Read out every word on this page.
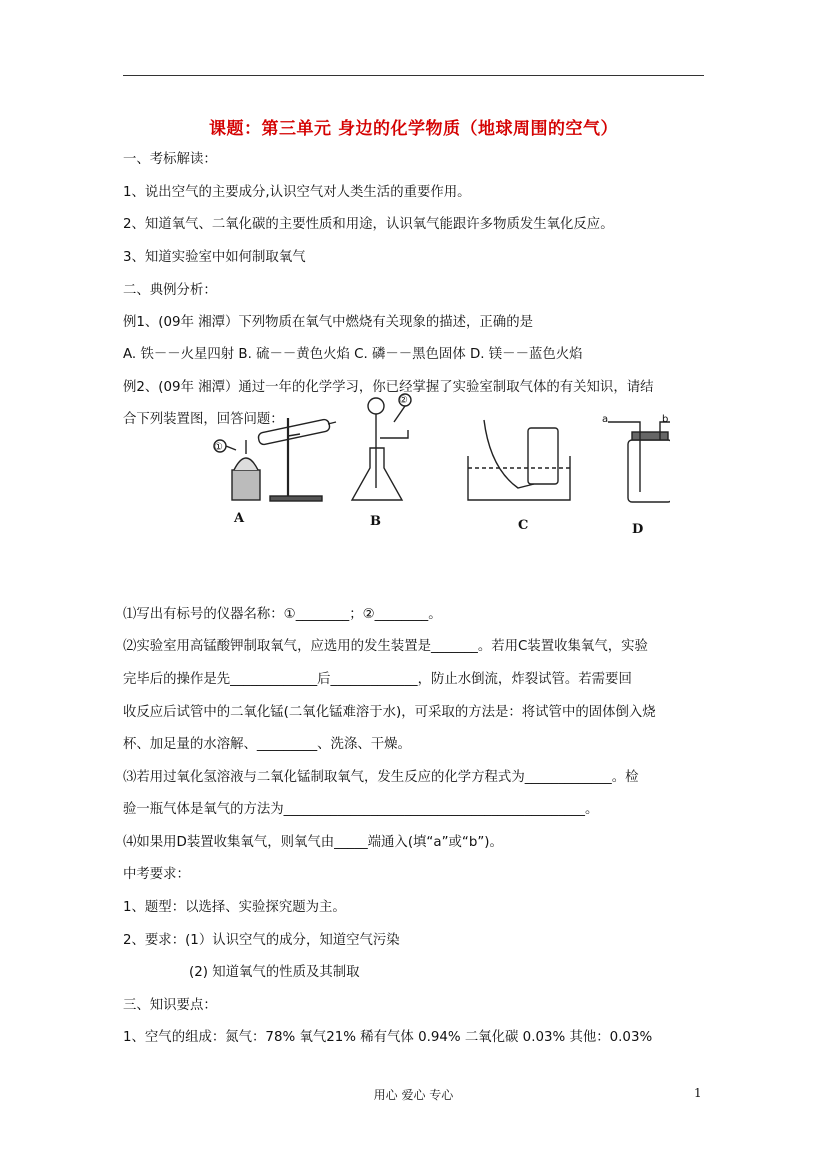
课题：第三单元 身边的化学物质（地球周围的空气）
一、考标解读：
1、说出空气的主要成分,认识空气对人类生活的重要作用。
2、知道氧气、二氧化碳的主要性质和用途，认识氧气能跟许多物质发生氧化反应。
3、知道实验室中如何制取氧气
二、典例分析：
例1、(09年 湘潭）下列物质在氧气中燃烧有关现象的描述，正确的是
A. 铁－－火星四射 B. 硫－－黄色火焰 C. 磷－－黑色固体 D. 镁－－蓝色火焰
例2、(09年 湘潭）通过一年的化学学习，你已经掌握了实验室制取气体的有关知识，请结
合下列装置图，回答问题：
A	B	C	D
①
②
a	b
⑴写出有标号的仪器名称：①________；②________。
⑵实验室用高锰酸钾制取氧气，应选用的发生装置是_______。若用C装置收集氧气，实验
完毕后的操作是先_____________后_____________，防止水倒流，炸裂试管。若需要回
收反应后试管中的二氧化锰(二氧化锰难溶于水)，可采取的方法是：将试管中的固体倒入烧
杯、加足量的水溶解、_________、洗涤、干燥。
⑶若用过氧化氢溶液与二氧化锰制取氧气，发生反应的化学方程式为_____________。检
验一瓶气体是氧气的方法为_____________________________________________。
⑷如果用D装置收集氧气，则氧气由_____端通入(填“a”或“b”)。
中考要求：
1、题型：以选择、实验探究题为主。
2、要求：(1）认识空气的成分，知道空气污染
(2) 知道氧气的性质及其制取
三、知识要点：
1、空气的组成：氮气：78% 氧气21% 稀有气体 0.94% 二氧化碳 0.03% 其他：0.03%
用心 爱心 专心	1
